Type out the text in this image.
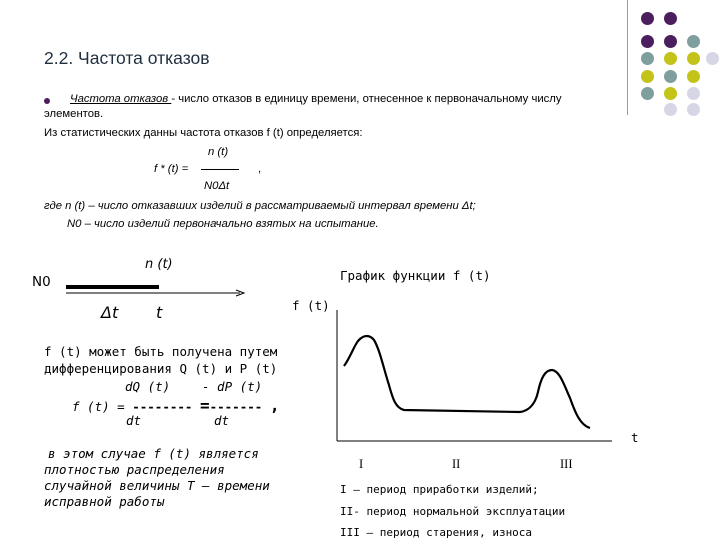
2.2. Частота отказов
Частота отказов - число отказов в единицу времени, отнесенное к первоначальному числу
элементов.
Из статистических данны частота отказов f (t) определяется:
n (t)
f * (t) =	,
N0Δt
где n (t) – число отказавших изделий в рассматриваемый интервал времени Δt;
N0 – число изделий первоначально взятых на испытание.
n (t)
N0
Δt t
f (t) может быть получена путем
дифференцирования Q (t) и P (t)
dQ (t)	- dP (t)
f (t) = -------- =------- ,
dt	dt
в этом случае f (t) является
плотностью распределения
случайной величины T – времени
исправной работы
График функции f (t)
f (t)
t
I	II	III
I – период приработки изделий;
II- период нормальной эксплуатации
III – период старения, износа
